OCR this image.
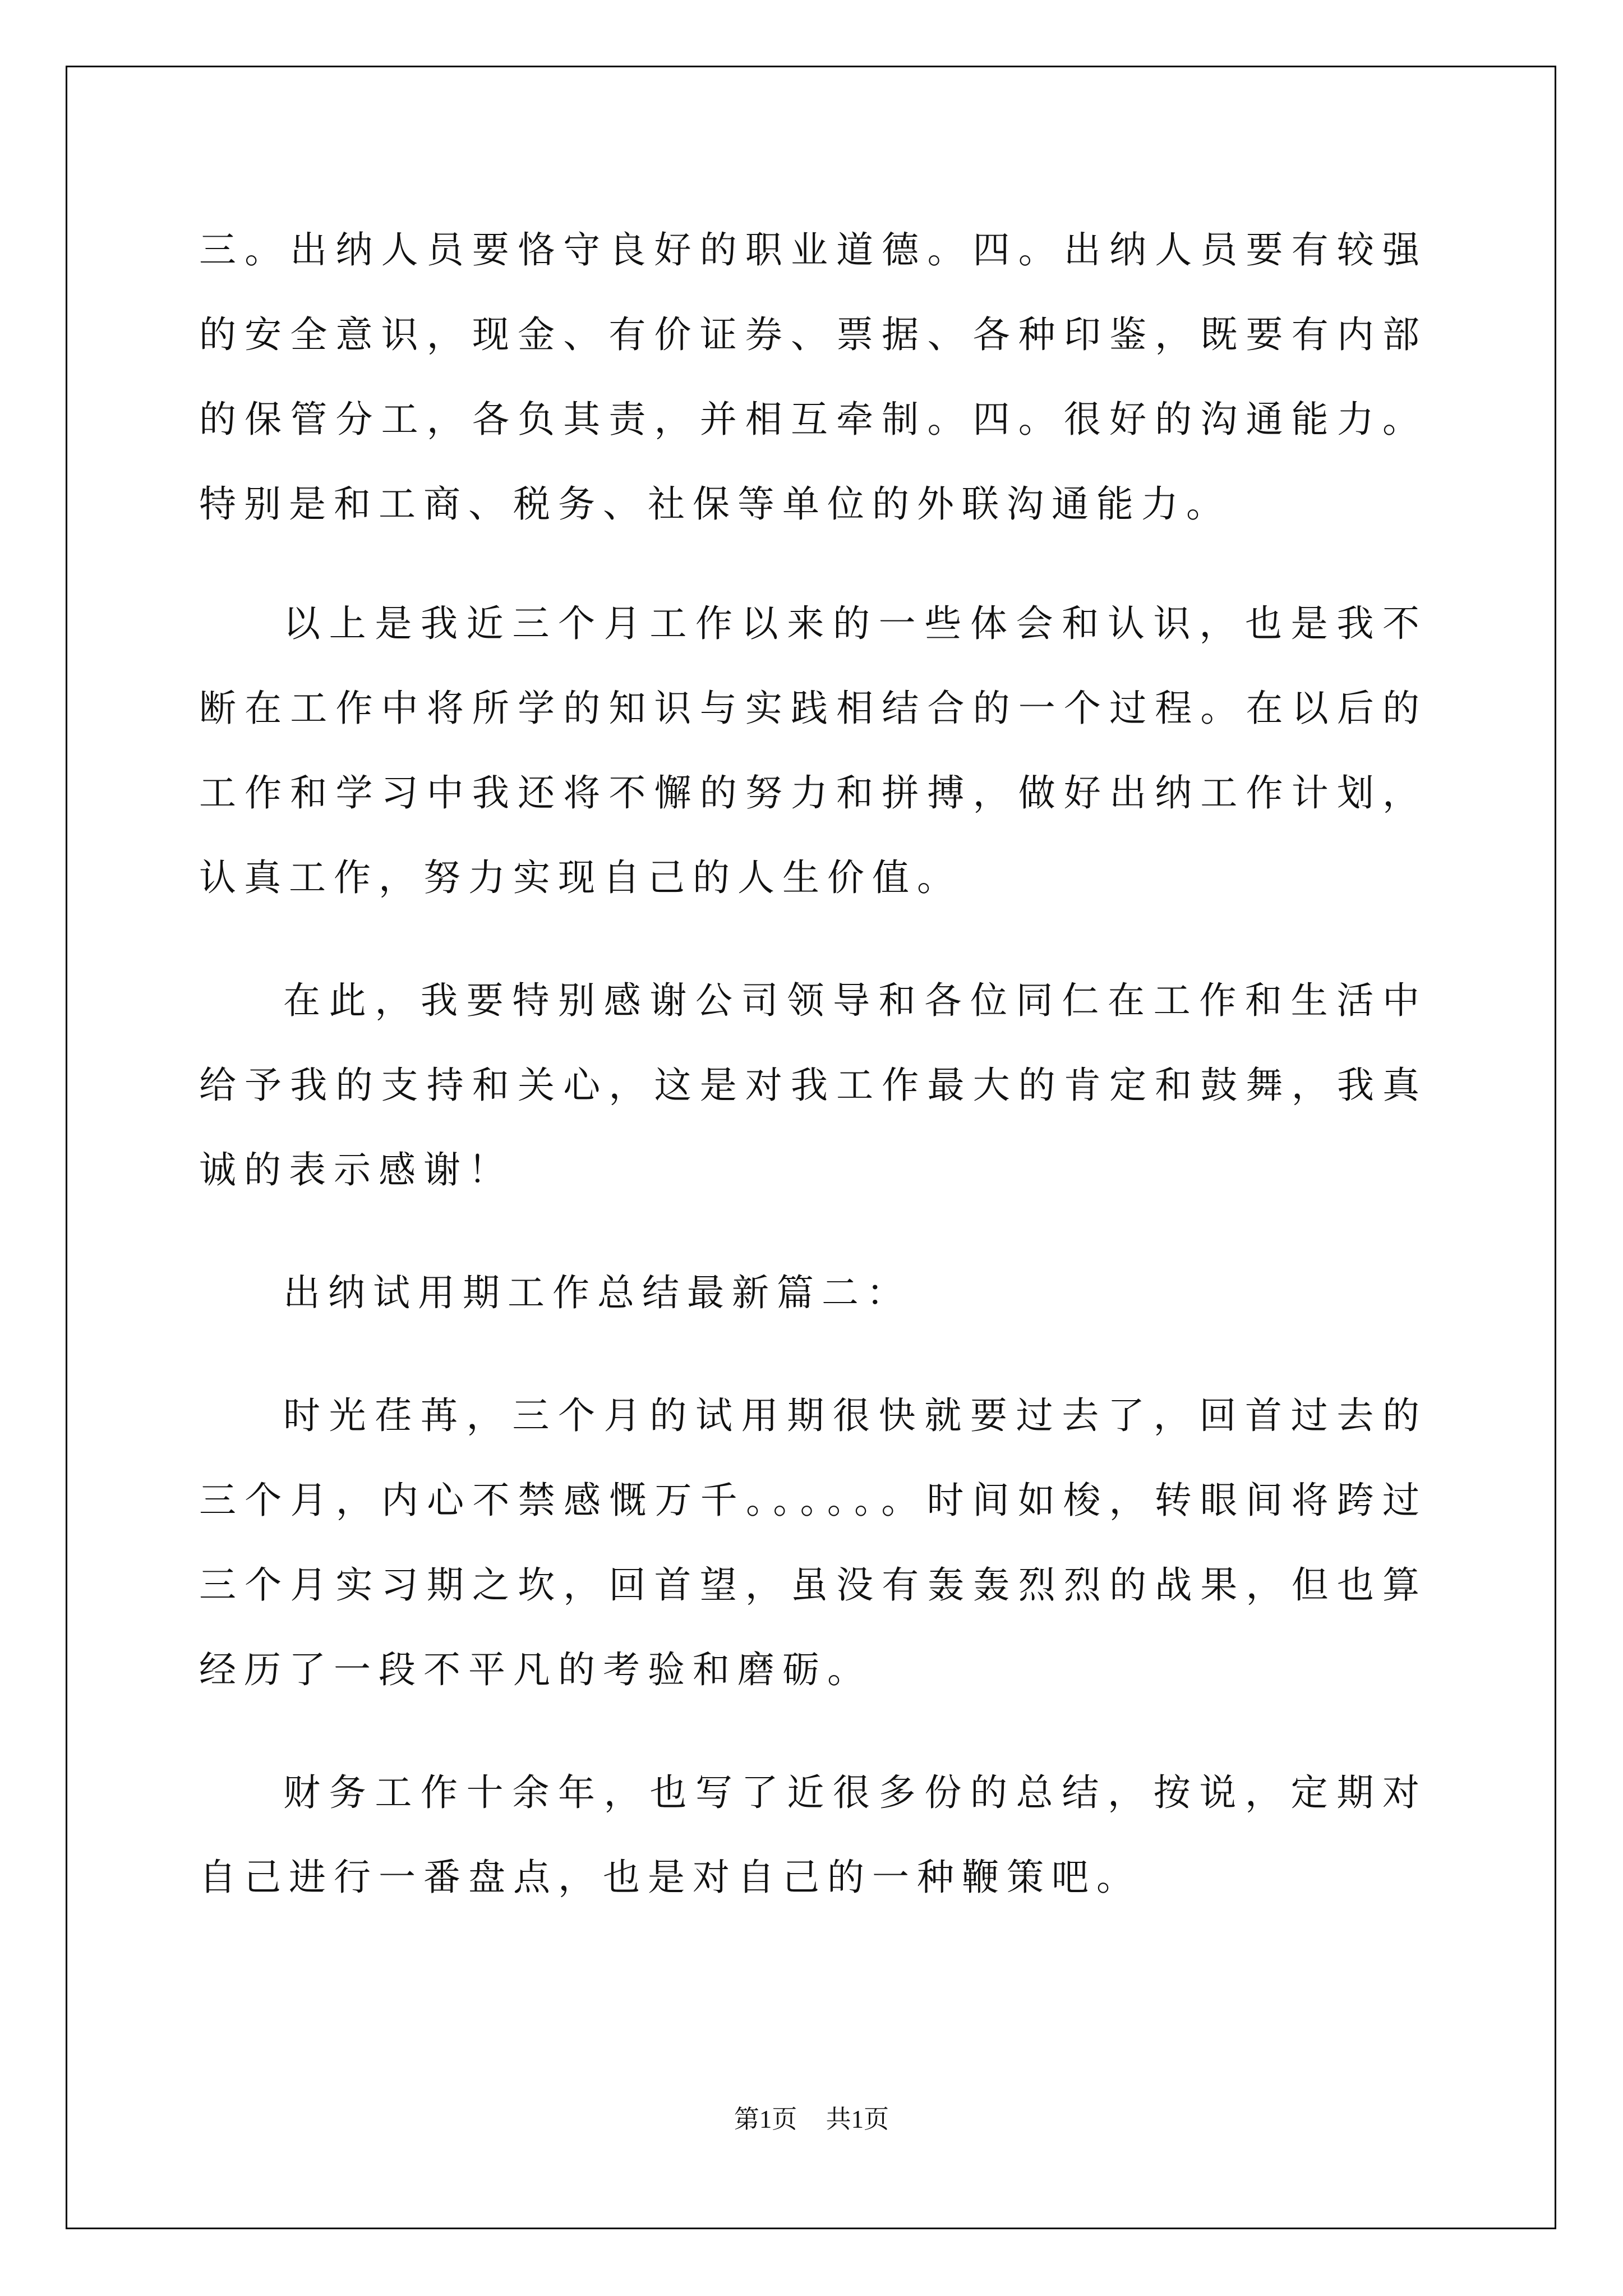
三。出纳人员要恪守良好的职业道德。四。出纳人员要有较强的安全意识，现金、有价证券、票据、各种印鉴，既要有内部的保管分工，各负其责，并相互牵制。四。很好的沟通能力。特别是和工商、税务、社保等单位的外联沟通能力。

以上是我近三个月工作以来的一些体会和认识，也是我不断在工作中将所学的知识与实践相结合的一个过程。在以后的工作和学习中我还将不懈的努力和拼搏，做好出纳工作计划，认真工作，努力实现自己的人生价值。

在此，我要特别感谢公司领导和各位同仁在工作和生活中给予我的支持和关心，这是对我工作最大的肯定和鼓舞，我真诚的表示感谢！

出纳试用期工作总结最新篇二：

时光荏苒，三个月的试用期很快就要过去了，回首过去的三个月，内心不禁感慨万千。。。。。。时间如梭，转眼间将跨过三个月实习期之坎，回首望，虽没有轰轰烈烈的战果，但也算经历了一段不平凡的考验和磨砺。

财务工作十余年，也写了近很多份的总结，按说，定期对自己进行一番盘点，也是对自己的一种鞭策吧。

第1页 共1页
